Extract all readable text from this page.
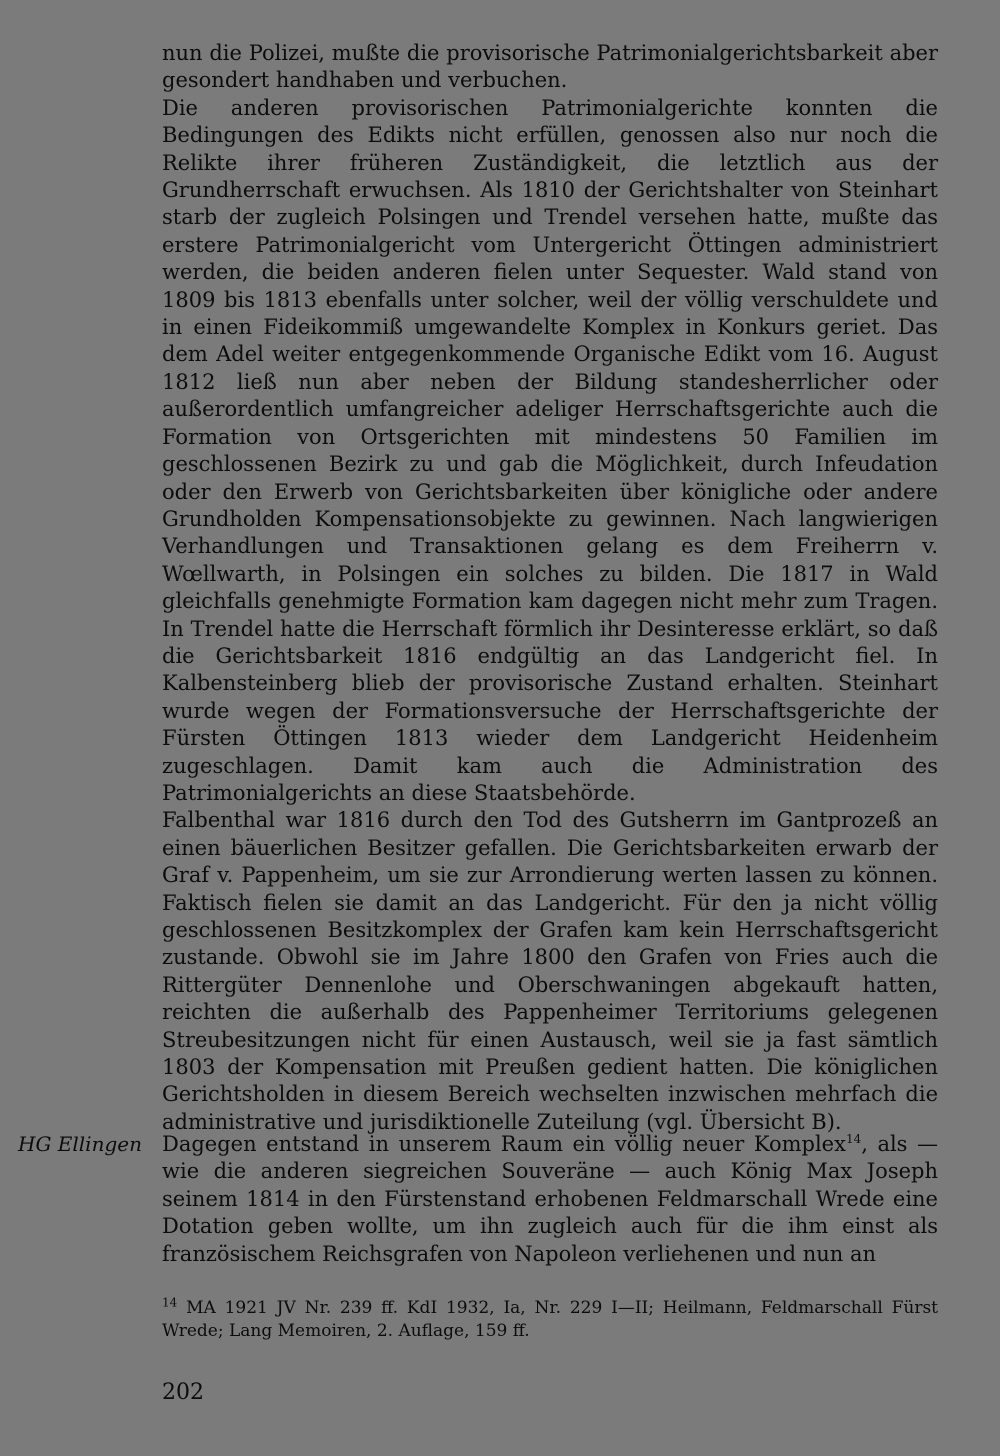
nun die Polizei, mußte die provisorische Patrimonialgerichtsbarkeit aber gesondert handhaben und verbuchen.

Die anderen provisorischen Patrimonialgerichte konnten die Bedingungen des Edikts nicht erfüllen, genossen also nur noch die Relikte ihrer früheren Zuständigkeit, die letztlich aus der Grundherrschaft erwuchsen. Als 1810 der Gerichtshalter von Steinhart starb der zugleich Polsingen und Trendel versehen hatte, mußte das erstere Patrimonialgericht vom Untergericht Öttingen administriert werden, die beiden anderen fielen unter Sequester. Wald stand von 1809 bis 1813 ebenfalls unter solcher, weil der völlig verschuldete und in einen Fideikommiß umgewandelte Komplex in Konkurs geriet. Das dem Adel weiter entgegenkommende Organische Edikt vom 16. August 1812 ließ nun aber neben der Bildung standesherrlicher oder außerordentlich umfangreicher adeliger Herrschaftsgerichte auch die Formation von Ortsgerichten mit mindestens 50 Familien im geschlossenen Bezirk zu und gab die Möglichkeit, durch Infeudation oder den Erwerb von Gerichtsbarkeiten über königliche oder andere Grundholden Kompensationsobjekte zu gewinnen. Nach langwierigen Verhandlungen und Transaktionen gelang es dem Freiherrn v. Wœllwarth, in Polsingen ein solches zu bilden. Die 1817 in Wald gleichfalls genehmigte Formation kam dagegen nicht mehr zum Tragen. In Trendel hatte die Herrschaft förmlich ihr Desinteresse erklärt, so daß die Gerichtsbarkeit 1816 endgültig an das Landgericht fiel. In Kalbensteinberg blieb der provisorische Zustand erhalten. Steinhart wurde wegen der Formationsversuche der Herrschaftsgerichte der Fürsten Öttingen 1813 wieder dem Landgericht Heidenheim zugeschlagen. Damit kam auch die Administration des Patrimonialgerichts an diese Staatsbehörde.

Falbenthal war 1816 durch den Tod des Gutsherrn im Gantprozeß an einen bäuerlichen Besitzer gefallen. Die Gerichtsbarkeiten erwarb der Graf v. Pappenheim, um sie zur Arrondierung werten lassen zu können. Faktisch fielen sie damit an das Landgericht. Für den ja nicht völlig geschlossenen Besitzkomplex der Grafen kam kein Herrschaftsgericht zustande. Obwohl sie im Jahre 1800 den Grafen von Fries auch die Rittergüter Dennenlohe und Oberschwaningen abgekauft hatten, reichten die außerhalb des Pappenheimer Territoriums gelegenen Streubesitzungen nicht für einen Austausch, weil sie ja fast sämtlich 1803 der Kompensation mit Preußen gedient hatten. Die königlichen Gerichtsholden in diesem Bereich wechselten inzwischen mehrfach die administrative und jurisdiktionelle Zuteilung (vgl. Übersicht B).

HG Ellingen Dagegen entstand in unserem Raum ein völlig neuer Komplex$^{14}$, als — wie die anderen siegreichen Souveräne — auch König Max Joseph seinem 1814 in den Fürstenstand erhobenen Feldmarschall Wrede eine Dotation geben wollte, um ihn zugleich auch für die ihm einst als französischem Reichsgrafen von Napoleon verliehenen und nun an

$^{14}$ MA 1921 JV Nr. 239 ff. KdI 1932, Ia, Nr. 229 I—II; Heilmann, Feldmarschall Fürst Wrede; Lang Memoiren, 2. Auflage, 159 ff.
202
